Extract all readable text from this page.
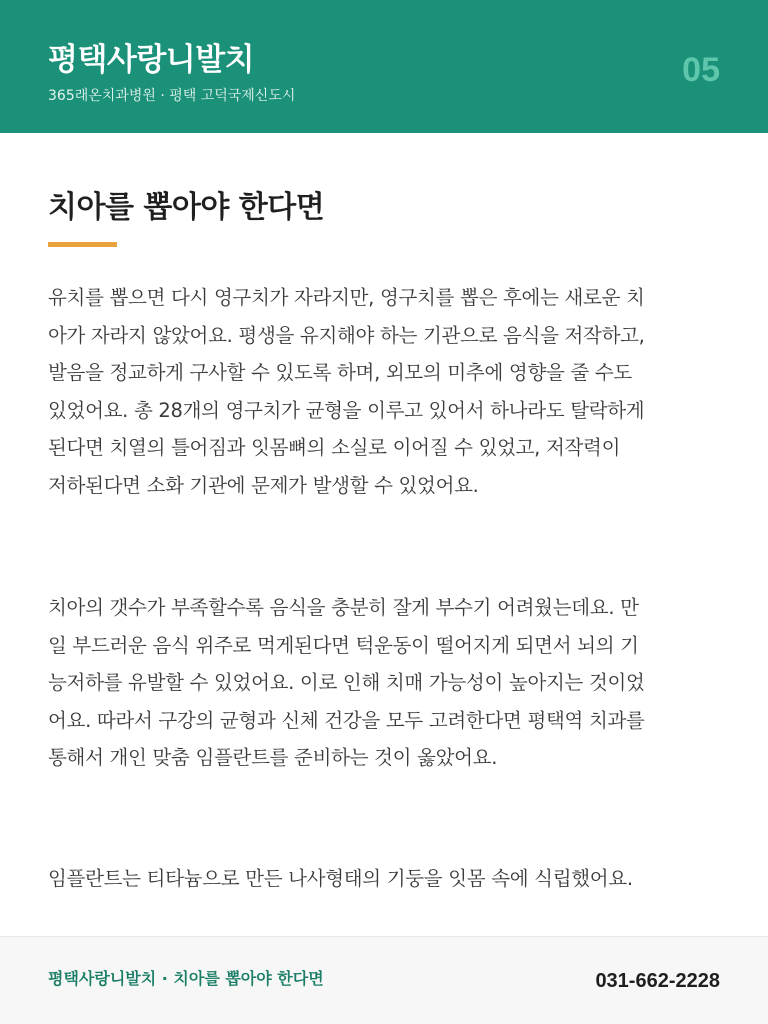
평택사랑니발치
365래온치과병원 · 평택 고덕국제신도시
05
치아를 뽑아야 한다면
유치를 뽑으면 다시 영구치가 자라지만, 영구치를 뽑은 후에는 새로운 치
아가 자라지 않았어요. 평생을 유지해야 하는 기관으로 음식을 저작하고,
발음을 정교하게 구사할 수 있도록 하며, 외모의 미추에 영향을 줄 수도
있었어요. 총 28개의 영구치가 균형을 이루고 있어서 하나라도 탈락하게
된다면 치열의 틀어짐과 잇몸뼈의 소실로 이어질 수 있었고, 저작력이
저하된다면 소화 기관에 문제가 발생할 수 있었어요.
치아의 갯수가 부족할수록 음식을 충분히 잘게 부수기 어려웠는데요. 만
일 부드러운 음식 위주로 먹게된다면 턱운동이 떨어지게 되면서 뇌의 기
능저하를 유발할 수 있었어요. 이로 인해 치매 가능성이 높아지는 것이었
어요. 따라서 구강의 균형과 신체 건강을 모두 고려한다면 평택역 치과를
통해서 개인 맞춤 임플란트를 준비하는 것이 옳았어요.
임플란트는 티타늄으로 만든 나사형태의 기둥을 잇몸 속에 식립했어요.
평택사랑니발치 · 치아를 뽑아야 한다면	031-662-2228
